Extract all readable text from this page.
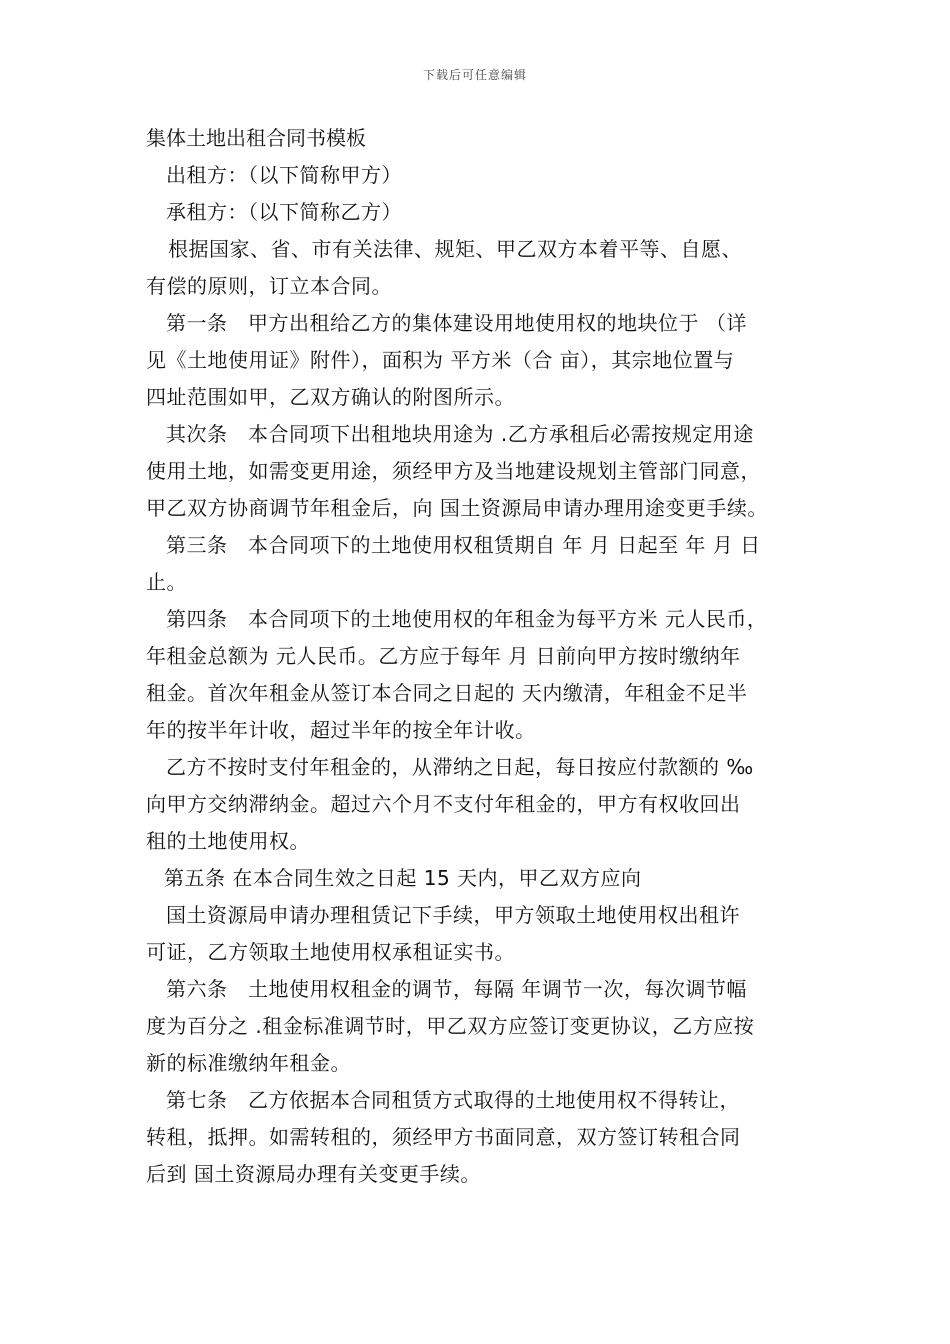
下载后可任意编辑
集体土地出租合同书模板
出租方：（以下简称甲方）
承租方：（以下简称乙方）
根据国家、省、市有关法律、规矩、甲乙双方本着平等、自愿、
有偿的原则，订立本合同。
第一条　甲方出租给乙方的集体建设用地使用权的地块位于 （详
见《土地使用证》附件），面积为 平方米（合 亩），其宗地位置与
四址范围如甲，乙双方确认的附图所示。
其次条　本合同项下出租地块用途为 .乙方承租后必需按规定用途
使用土地，如需变更用途，须经甲方及当地建设规划主管部门同意，
甲乙双方协商调节年租金后，向 国土资源局申请办理用途变更手续。
第三条　本合同项下的土地使用权租赁期自 年 月 日起至 年 月 日
止。
第四条　本合同项下的土地使用权的年租金为每平方米 元人民币，
年租金总额为 元人民币。乙方应于每年 月 日前向甲方按时缴纳年
租金。首次年租金从签订本合同之日起的 天内缴清，年租金不足半
年的按半年计收，超过半年的按全年计收。
乙方不按时支付年租金的，从滞纳之日起，每日按应付款额的 ‰
向甲方交纳滞纳金。超过六个月不支付年租金的，甲方有权收回出
租的土地使用权。
第五条 在本合同生效之日起 15 天内，甲乙双方应向
国土资源局申请办理租赁记下手续，甲方领取土地使用权出租许
可证，乙方领取土地使用权承租证实书。
第六条　土地使用权租金的调节，每隔 年调节一次，每次调节幅
度为百分之 .租金标准调节时，甲乙双方应签订变更协议，乙方应按
新的标准缴纳年租金。
第七条　乙方依据本合同租赁方式取得的土地使用权不得转让，
转租，抵押。如需转租的，须经甲方书面同意，双方签订转租合同
后到 国土资源局办理有关变更手续。
